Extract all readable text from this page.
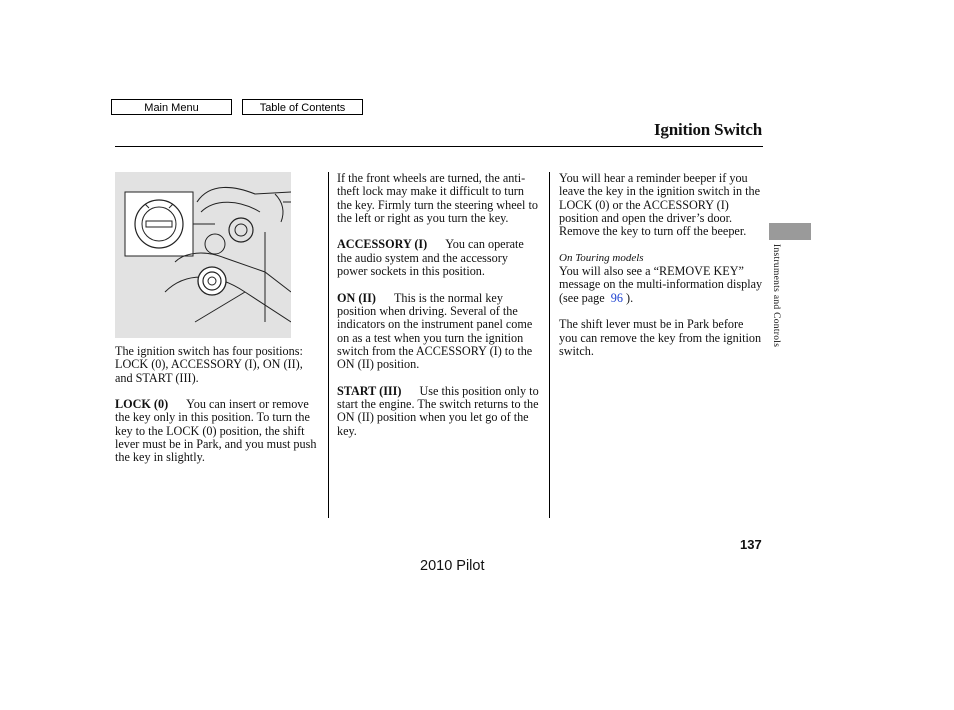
Main Menu	Table of Contents
Ignition Switch

The ignition switch has four positions: LOCK (0), ACCESSORY (I), ON (II), and START (III).

LOCK (0) You can insert or remove the key only in this position. To turn the key to the LOCK (0) position, the shift lever must be in Park, and you must push the key in slightly.

If the front wheels are turned, the anti-theft lock may make it difficult to turn the key. Firmly turn the steering wheel to the left or right as you turn the key.

ACCESSORY (I) You can operate the audio system and the accessory power sockets in this position.

ON (II) This is the normal key position when driving. Several of the indicators on the instrument panel come on as a test when you turn the ignition switch from the ACCESSORY (I) to the ON (II) position.

START (III) Use this position only to start the engine. The switch returns to the ON (II) position when you let go of the key.

You will hear a reminder beeper if you leave the key in the ignition switch in the LOCK (0) or the ACCESSORY (I) position and open the driver’s door. Remove the key to turn off the beeper.

On Touring models

You will also see a “REMOVE KEY” message on the multi-information display (see page 96 ).

The shift lever must be in Park before you can remove the key from the ignition switch.

Instruments and Controls
137
2010 Pilot
